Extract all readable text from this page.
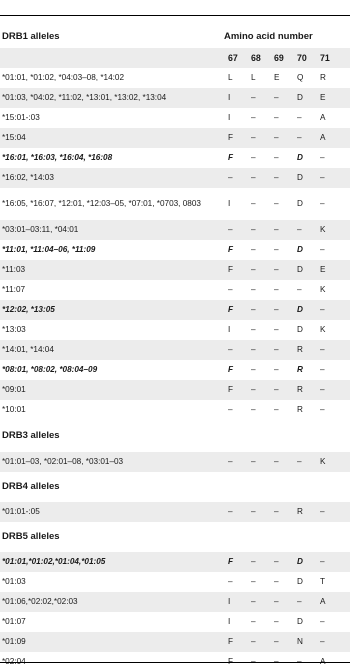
DRB1 alleles	Amino acid number
67	68	69	70	71
*01:01, *01:02, *04:03–08, *14:02	L	L	E	Q	R
*01:03, *04:02, *11:02, *13:01, *13:02, *13:04	I	–	–	D	E
*15:01-:03	I	–	–	–	A
*15:04	F	–	–	–	A
*16:01, *16:03, *16:04, *16:08	F	–	–	D	–
*16:02, *14:03	–	–	–	D	–
*16:05, *16:07, *12:01, *12:03–05, *07:01, *0703, 0803	I	–	–	D	–
*03:01–03:11, *04:01	–	–	–	–	K
*11:01, *11:04–06, *11:09	F	–	–	D	–
*11:03	F	–	–	D	E
*11:07	–	–	–	–	K
*12:02, *13:05	F	–	–	D	–
*13:03	I	–	–	D	K
*14:01, *14:04	–	–	–	R	–
*08:01, *08:02, *08:04–09	F	–	–	R	–
*09:01	F	–	–	R	–
*10:01	–	–	–	R	–
DRB3 alleles
*01:01–03, *02:01–08, *03:01–03	–	–	–	–	K
DRB4 alleles
*01:01-:05	–	–	–	R	–
DRB5 alleles
*01:01,*01:02,*01:04,*01:05	F	–	–	D	–
*01:03	–	–	–	D	T
*01:06,*02:02,*02:03	I	–	–	–	A
*01:07	I	–	–	D	–
*01:09	F	–	–	N	–
*02:04	F	–	–	–	A
